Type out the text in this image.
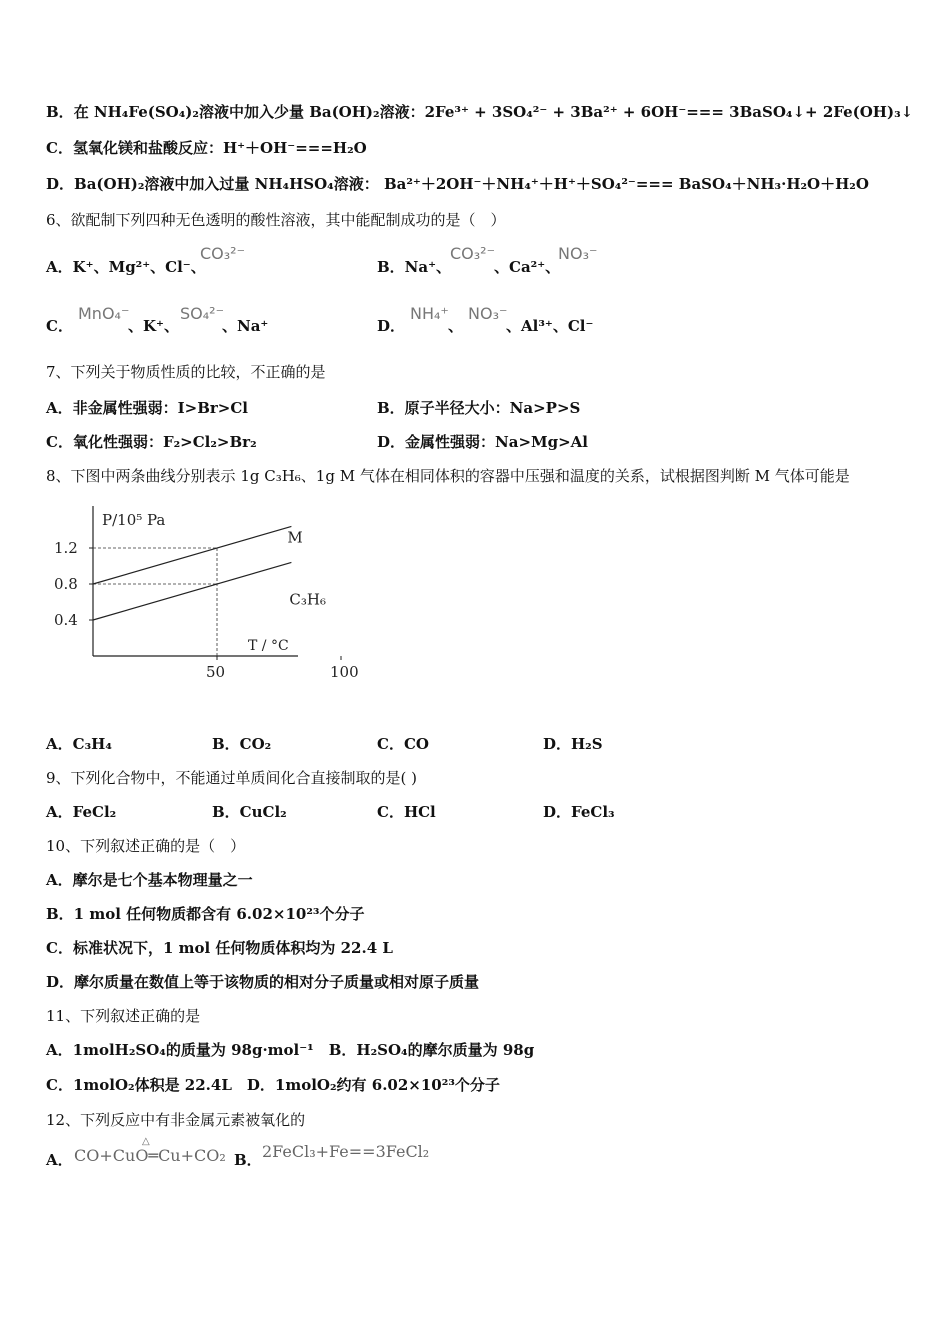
B．在 NH₄Fe(SO₄)₂溶液中加入少量 Ba(OH)₂溶液：2Fe³⁺ + 3SO₄²⁻ + 3Ba²⁺ + 6OH⁻=== 3BaSO₄↓+ 2Fe(OH)₃↓
C．氢氧化镁和盐酸反应：H⁺＋OH⁻===H₂O
D．Ba(OH)₂溶液中加入过量 NH₄HSO₄溶液： Ba²⁺＋2OH⁻＋NH₄⁺＋H⁺＋SO₄²⁻=== BaSO₄＋NH₃·H₂O＋H₂O
6、欲配制下列四种无色透明的酸性溶液，其中能配制成功的是（　）
A．K⁺、Mg²⁺、Cl⁻、
CO₃²⁻
B．Na⁺、
CO₃²⁻
、Ca²⁺、
NO₃⁻
C．
MnO₄⁻
、K⁺、
SO₄²⁻
、Na⁺	D．
NH₄⁺
、
NO₃⁻
、Al³⁺、Cl⁻
7、下列关于物质性质的比较，不正确的是
A．非金属性强弱：I>Br>Cl	B．原子半径大小：Na>P>S
C．氧化性强弱：F₂>Cl₂>Br₂	D．金属性强弱：Na>Mg>Al
8、下图中两条曲线分别表示 1g C₃H₆、1g M 气体在相同体积的容器中压强和温度的关系，试根据图判断 M 气体可能是
0.4
0.8
1.2
50	100
M
C₃H₆
P/10⁵ Pa
T / °C
A．C₃H₄	B．CO₂	C．CO	D．H₂S
9、下列化合物中，不能通过单质间化合直接制取的是( )
A．FeCl₂	B．CuCl₂	C．HCl	D．FeCl₃
10、下列叙述正确的是（　）
A．摩尔是七个基本物理量之一
B．1 mol 任何物质都含有 6.02×10²³个分子
C．标准状况下，1 mol 任何物质体积均为 22.4 L
D．摩尔质量在数值上等于该物质的相对分子质量或相对原子质量
11、下列叙述正确的是
A．1molH₂SO₄的质量为 98g·mol⁻¹　B．H₂SO₄的摩尔质量为 98g
C．1molO₂体积是 22.4L　D．1molO₂约有 6.02×10²³个分子
12、下列反应中有非金属元素被氧化的
A． CO+CuO═Cu+CO₂
△
B． 2FeCl₃+Fe==3FeCl₂
